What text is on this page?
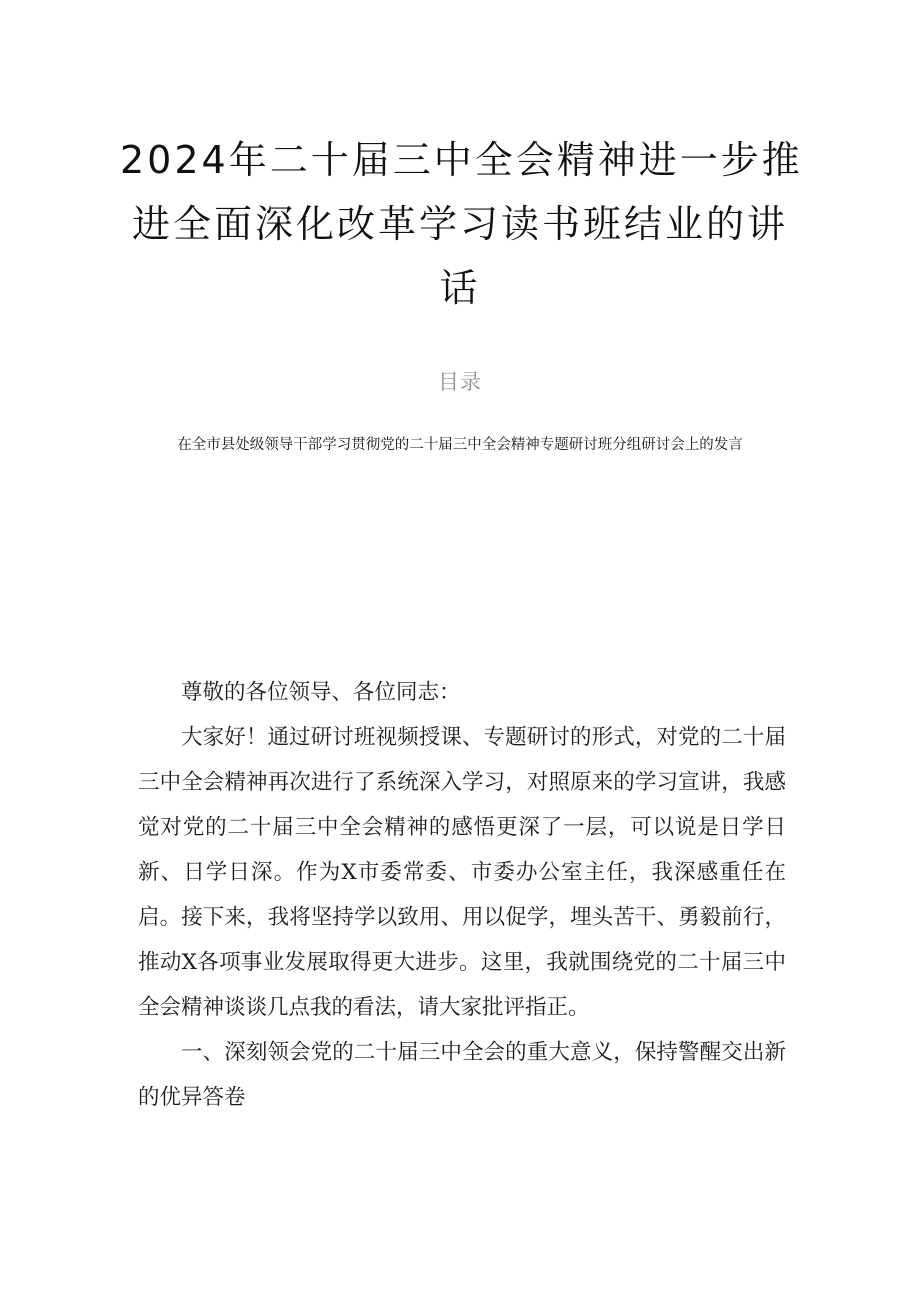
2024年二十届三中全会精神进一步推
进全面深化改革学习读书班结业的讲
话
目录
在全市县处级领导干部学习贯彻党的二十届三中全会精神专题研讨班分组研讨会上的发言

尊敬的各位领导、各位同志：

大家好！通过研讨班视频授课、专题研讨的形式，对党的二十届三中全会精神再次进行了系统深入学习，对照原来的学习宣讲，我感觉对党的二十届三中全会精神的感悟更深了一层，可以说是日学日新、日学日深。作为X市委常委、市委办公室主任，我深感重任在启。接下来，我将坚持学以致用、用以促学，埋头苦干、勇毅前行，推动X各项事业发展取得更大进步。这里，我就围绕党的二十届三中全会精神谈谈几点我的看法，请大家批评指正。

一、深刻领会党的二十届三中全会的重大意义，保持警醒交出新的优异答卷
